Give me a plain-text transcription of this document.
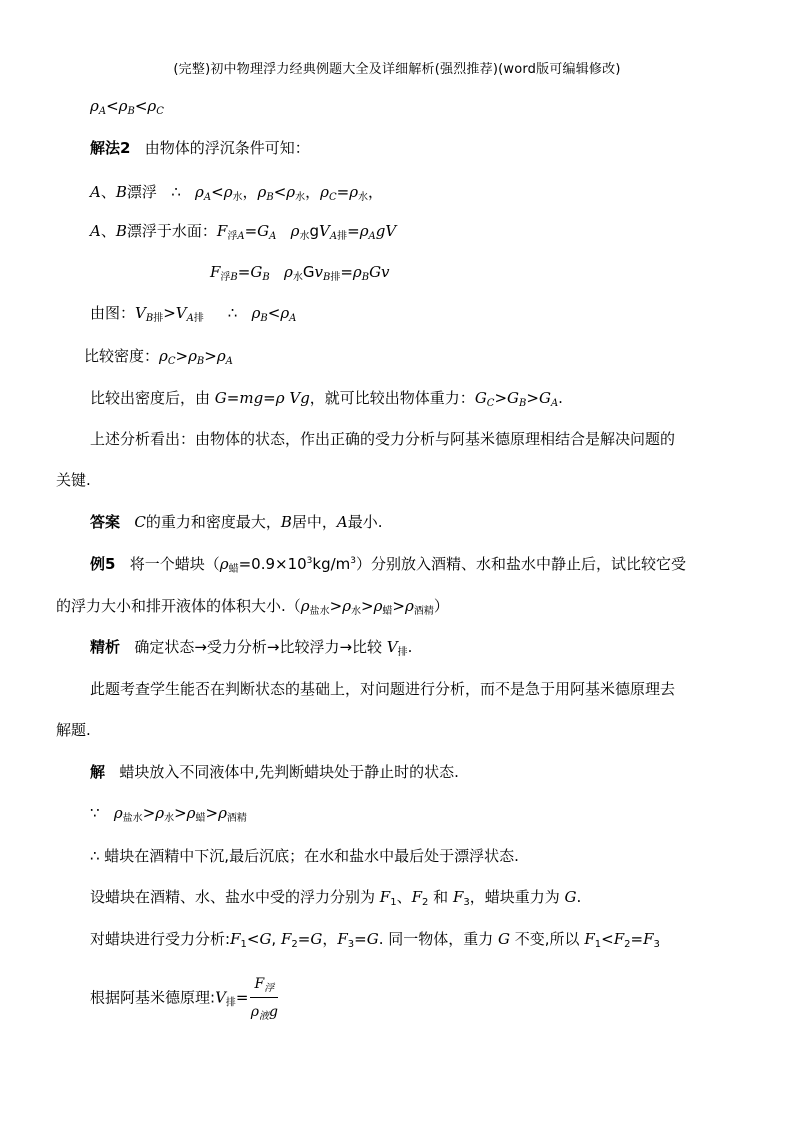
(完整)初中物理浮力经典例题大全及详细解析(强烈推荐)(word版可编辑修改)
$\rho_A<\rho_B<\rho_C$
解法2 由物体的浮沉条件可知：
A、B漂浮   ∴   $\rho_A<\rho_水$，$\rho_B<\rho_水$，$\rho_C=\rho_水$，
A、B漂浮于水面：$F_{浮A}=G_A$ $\rho_水gV_{A排}=\rho_AgV$
$F_{浮B}=G_B$ $\rho_水Gv_{B排}=\rho_BGv$
由图：$V_{B排}>V_{A排}$     ∴   $\rho_B<\rho_A$
比较密度：$\rho_C>\rho_B>\rho_A$
比较出密度后，由 G=mg=ρ Vg，就可比较出物体重力：$G_C>G_B>G_A$.
上述分析看出：由物体的状态，作出正确的受力分析与阿基米德原理相结合是解决问题的
关键.
答案 C的重力和密度最大，B居中，A最小.
例5   将一个蜡块$(\rho_蜡=0.9\times 10^3kg/m^3)$分别放入酒精、水和盐水中静止后，试比较它受
的浮力大小和排开液体的体积大小$.(\rho_{盐水}>\rho_水>\rho_蜡>\rho_{酒精})$
精析   确定状态→受力分析→比较浮力→比较 $V_排$.
此题考查学生能否在判断状态的基础上，对问题进行分析，而不是急于用阿基米德原理去
解题.
解 蜡块放入不同液体中,先判断蜡块处于静止时的状态.
∵   $\rho_{盐水}>\rho_水>\rho_蜡>\rho_{酒精}$
∴ 蜡块在酒精中下沉,最后沉底；在水和盐水中最后处于漂浮状态.
设蜡块在酒精、水、盐水中受的浮力分别为 $F_1$、$F_2$ 和 $F_3$，蜡块重力为 G.
对蜡块进行受力分析$:F_1<G$, $F_2=G$，$F_3=G$. 同一物体，重力 G 不变,所以 $F_1<F_2=F_3$
根据阿基米德原理$:V_排= \frac{F_浮}{\rho_液g}$
